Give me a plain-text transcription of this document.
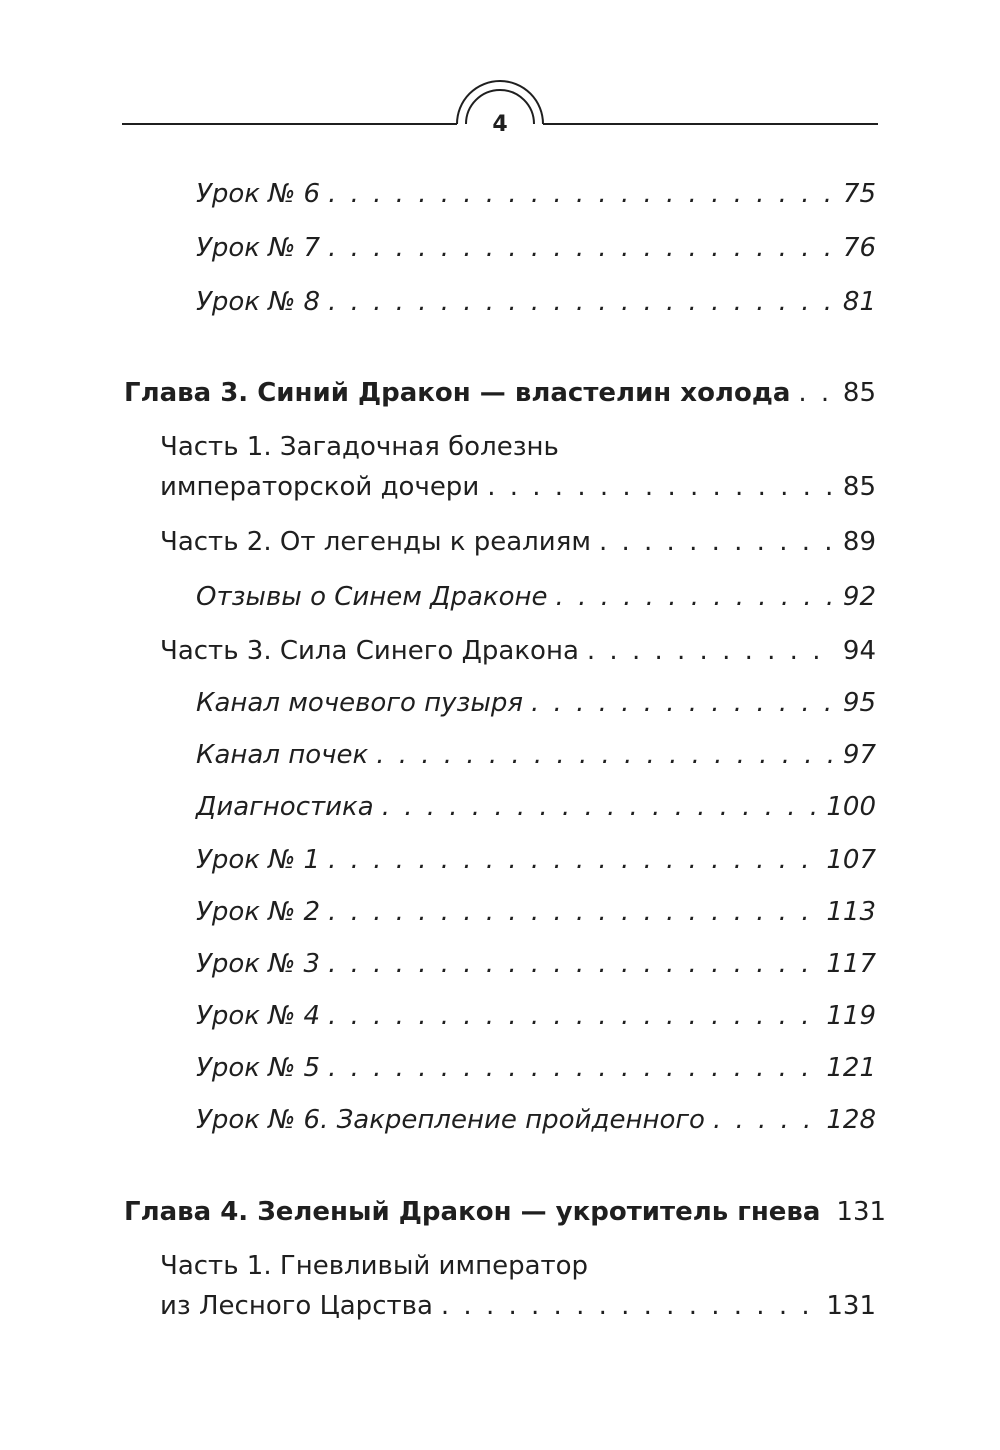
4
Урок № 6 . . .	75
Урок № 7 . . .	76
Урок № 8 . . .	81
Глава 3. Синий Дракон — властелин холода . . . 85
Часть 1. Загадочная болезнь
императорской дочери . . .	85
Часть 2. От легенды к реалиям . . .	89
Отзывы о Синем Драконе . . .	92
Часть 3. Сила Синего Дракона . . .	94
Канал мочевого пузыря . . .	95
Канал почек . . .	97
Диагностика . . .	100
Урок № 1 . . .	107
Урок № 2 . . .	113
Урок № 3 . . .	117
Урок № 4 . . .	119
Урок № 5 . . .	121
Урок № 6. Закрепление пройденного . . .	128
Глава 4. Зеленый Дракон — укротитель гнева 131
Часть 1. Гневливый император
из Лесного Царства . . .	131
